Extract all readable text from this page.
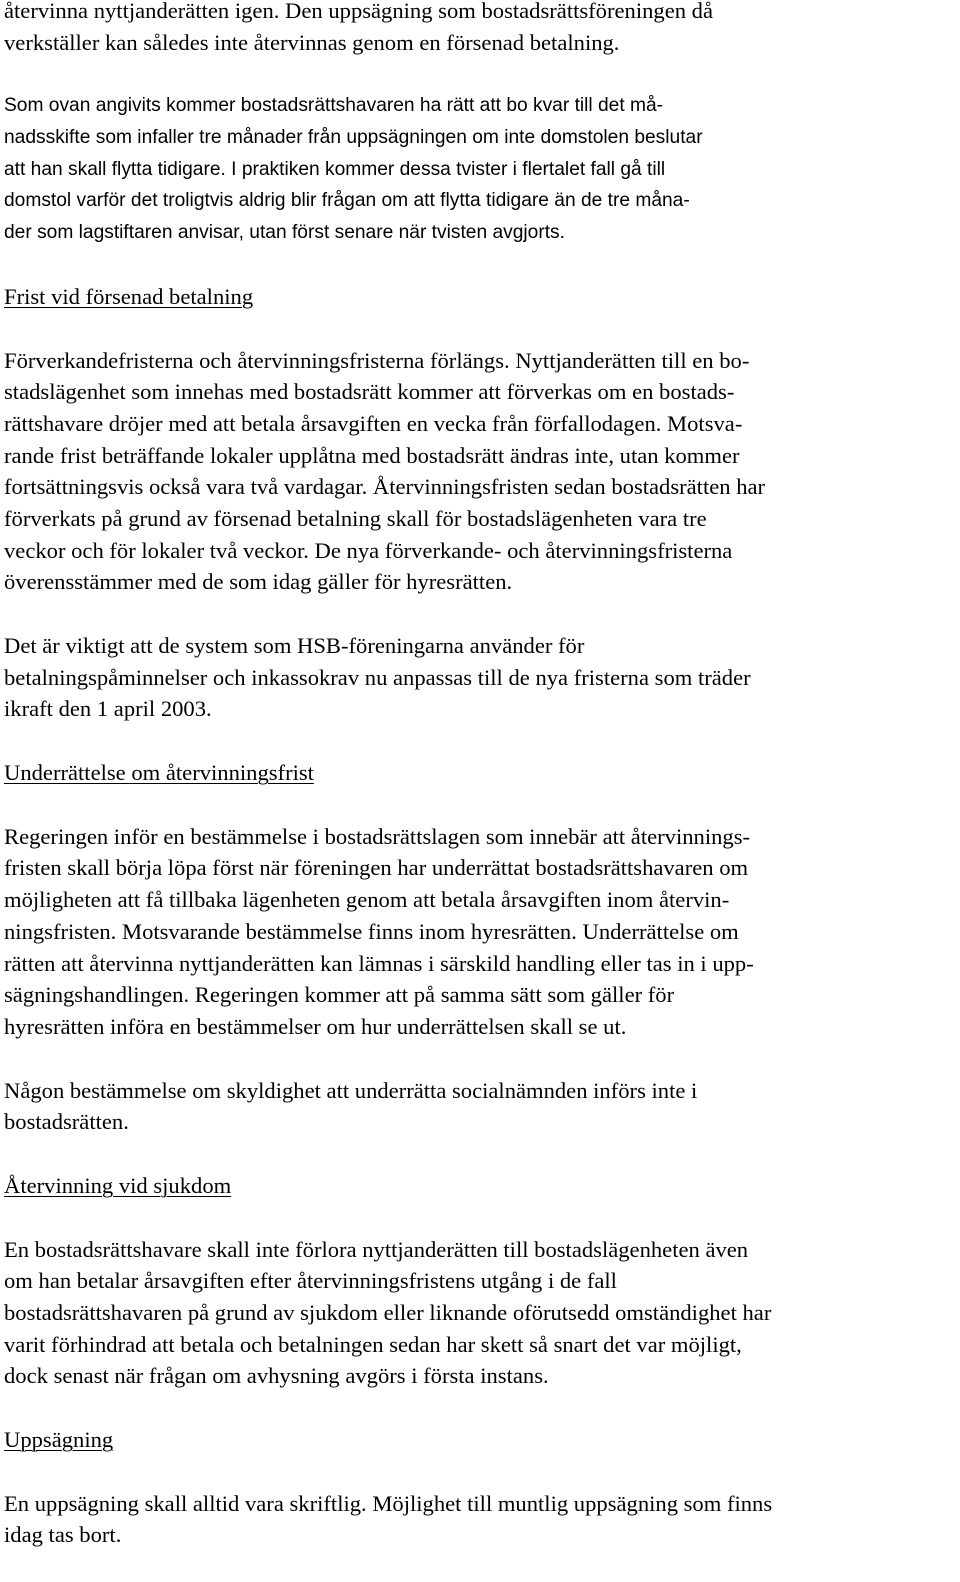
återvinna nyttjanderätten igen. Den uppsägning som bostadsrättsföreningen då
verkställer kan således inte återvinnas genom en försenad betalning.
Som ovan angivits kommer bostadsrättshavaren ha rätt att bo kvar till det må-
nadsskifte som infaller tre månader från uppsägningen om inte domstolen beslutar
att han skall flytta tidigare. I praktiken kommer dessa tvister i flertalet fall gå till
domstol varför det troligtvis aldrig blir frågan om att flytta tidigare än de tre måna-
der som lagstiftaren anvisar, utan först senare när tvisten avgjorts.
Frist vid försenad betalning
Förverkandefristerna och återvinningsfristerna förlängs. Nyttjanderätten till en bo-
stadslägenhet som innehas med bostadsrätt kommer att förverkas om en bostads-
rättshavare dröjer med att betala årsavgiften en vecka från förfallodagen. Motsva-
rande frist beträffande lokaler upplåtna med bostadsrätt ändras inte, utan kommer
fortsättningsvis också vara två vardagar. Återvinningsfristen sedan bostadsrätten har
förverkats på grund av försenad betalning skall för bostadslägenheten vara tre
veckor och för lokaler två veckor. De nya förverkande- och återvinningsfristerna
överensstämmer med de som idag gäller för hyresrätten.
Det är viktigt att de system som HSB-föreningarna använder för
betalningspåminnelser och inkassokrav nu anpassas till de nya fristerna som träder
ikraft den 1 april 2003.
Underrättelse om återvinningsfrist
Regeringen inför en bestämmelse i bostadsrättslagen som innebär att återvinnings-
fristen skall börja löpa först när föreningen har underrättat bostadsrättshavaren om
möjligheten att få tillbaka lägenheten genom att betala årsavgiften inom återvin-
ningsfristen. Motsvarande bestämmelse finns inom hyresrätten. Underrättelse om
rätten att återvinna nyttjanderätten kan lämnas i särskild handling eller tas in i upp-
sägningshandlingen. Regeringen kommer att på samma sätt som gäller för
hyresrätten införa en bestämmelser om hur underrättelsen skall se ut.
Någon bestämmelse om skyldighet att underrätta socialnämnden införs inte i
bostadsrätten.
Återvinning vid sjukdom
En bostadsrättshavare skall inte förlora nyttjanderätten till bostadslägenheten även
om han betalar årsavgiften efter återvinningsfristens utgång i de fall
bostadsrättshavaren på grund av sjukdom eller liknande oförutsedd omständighet har
varit förhindrad att betala och betalningen sedan har skett så snart det var möjligt,
dock senast när frågan om avhysning avgörs i första instans.
Uppsägning
En uppsägning skall alltid vara skriftlig. Möjlighet till muntlig uppsägning som finns
idag tas bort.
